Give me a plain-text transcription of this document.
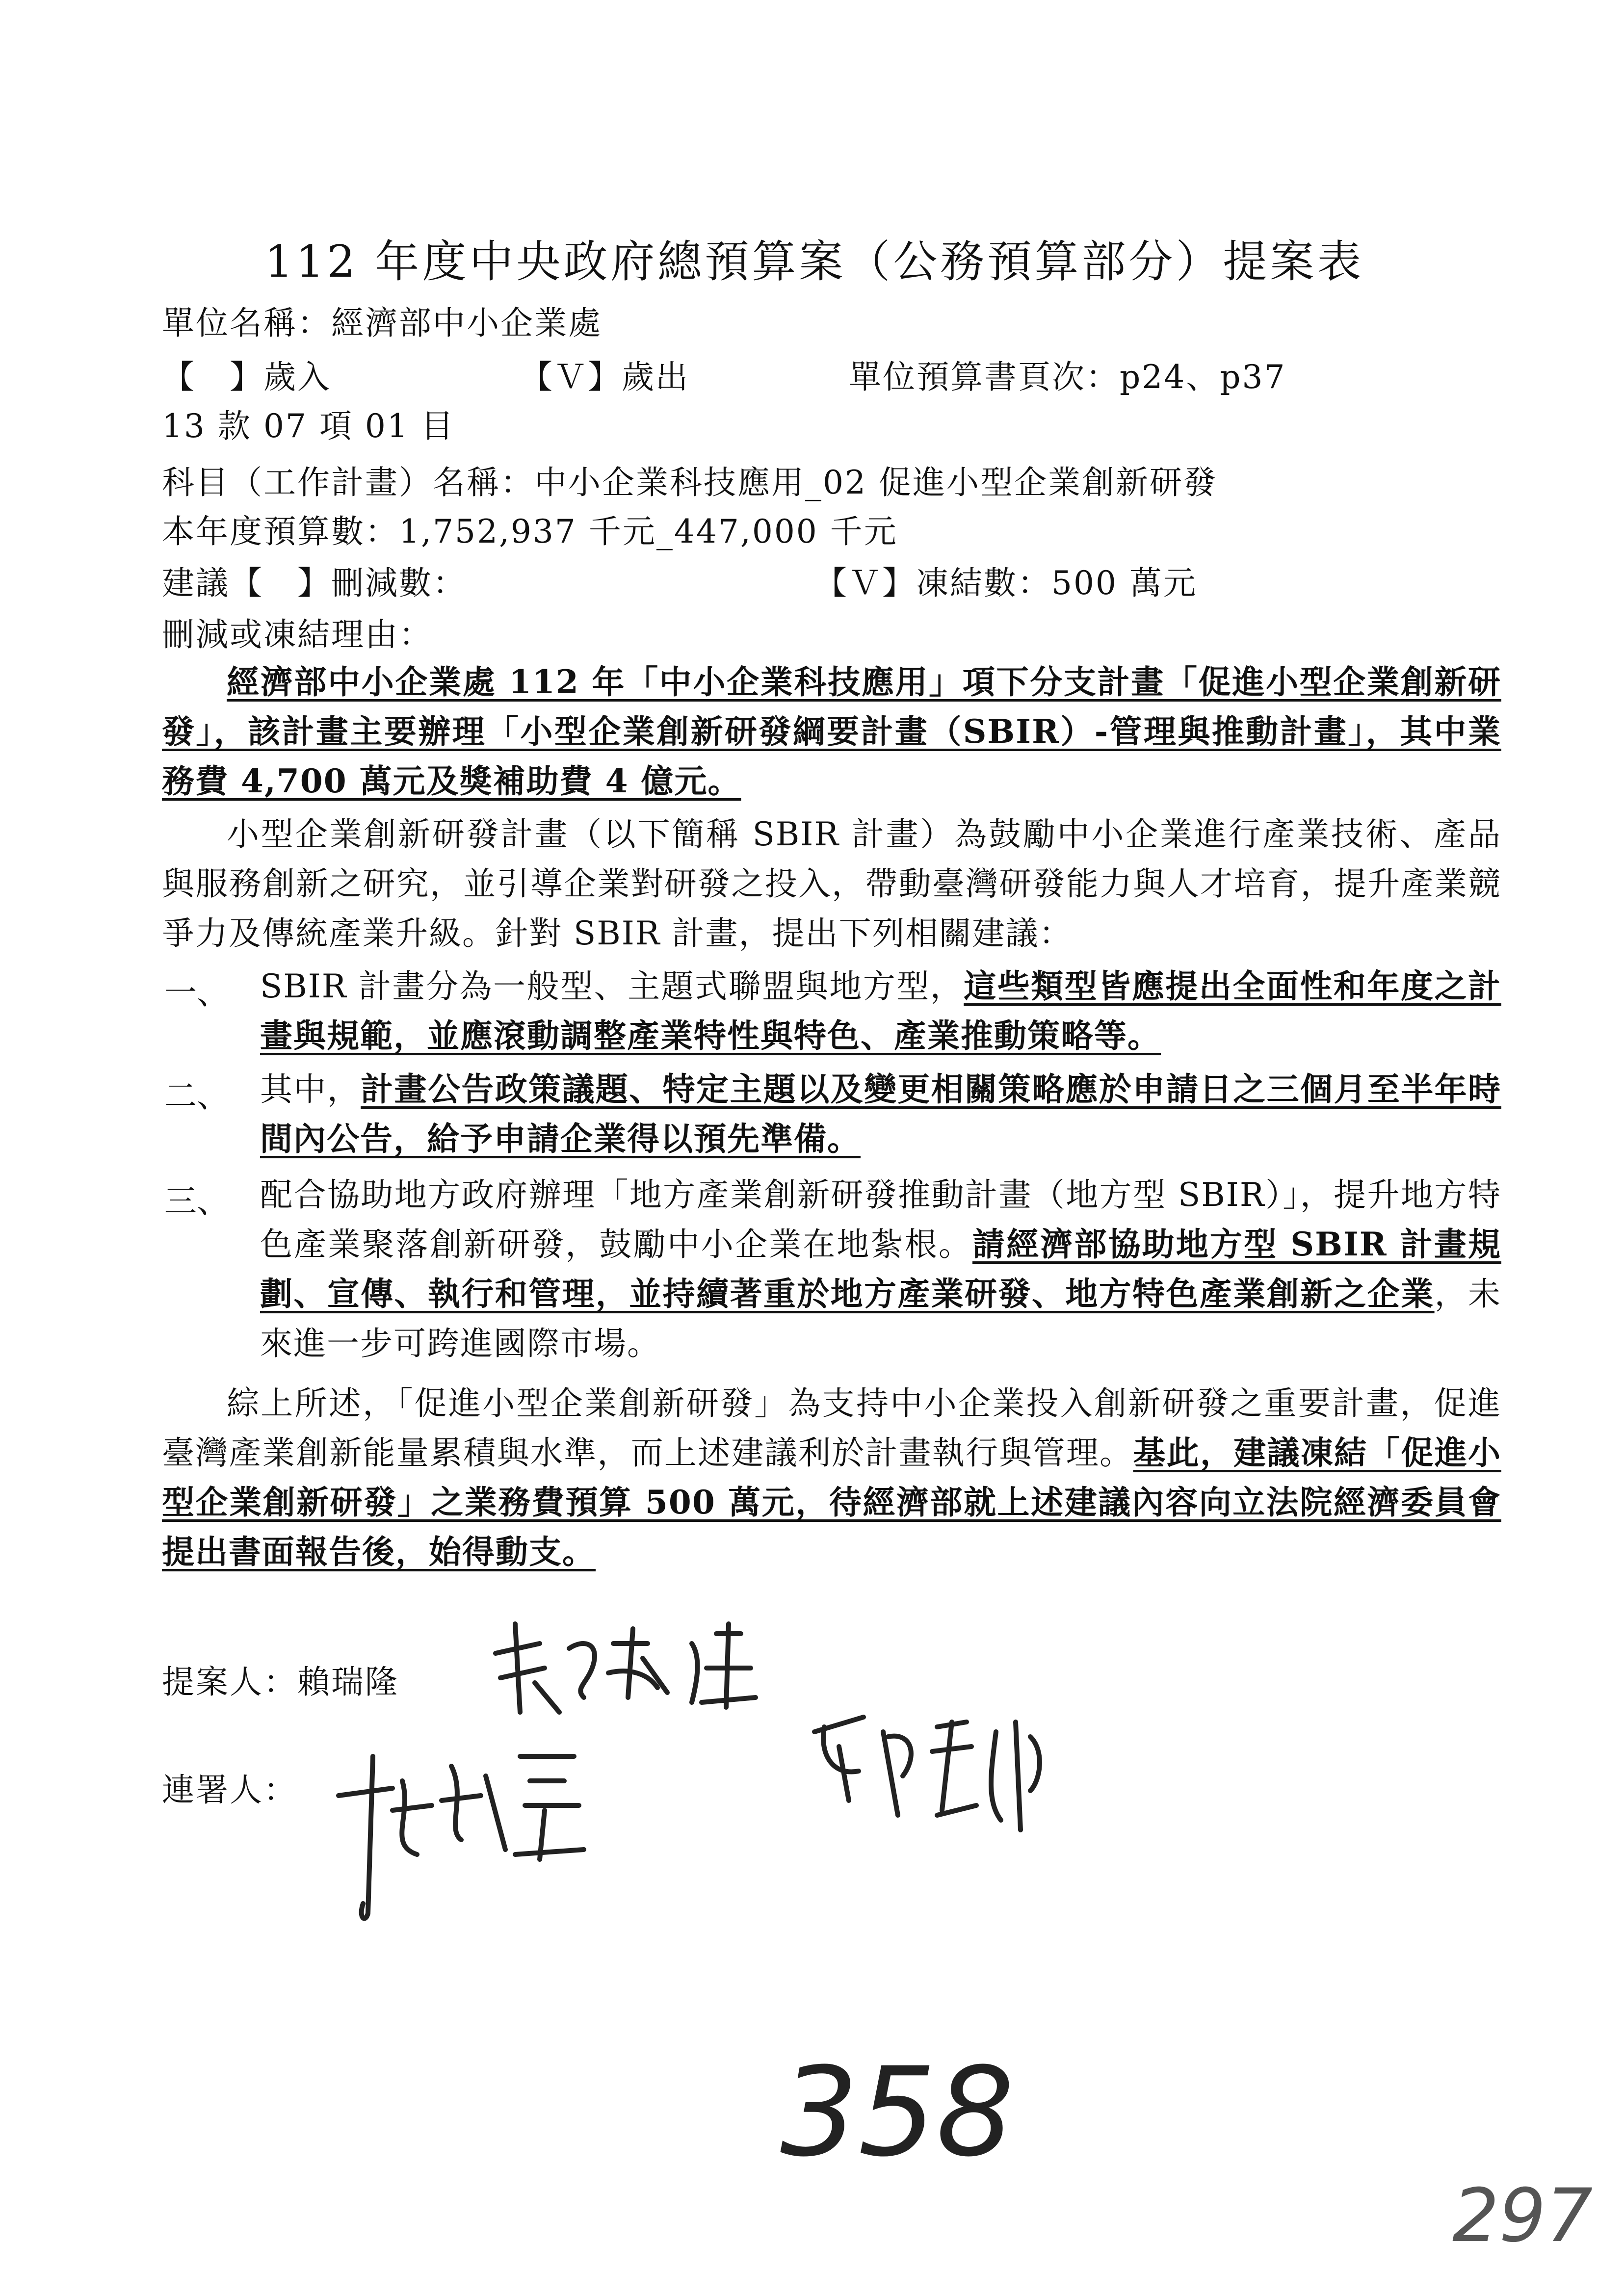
112 年度中央政府總預算案（公務預算部分）提案表
單位名稱：經濟部中小企業處
【　】歲入	【Ｖ】歲出	單位預算書頁次：p24、p37
13 款 07 項 01 目
科目（工作計畫）名稱：中小企業科技應用_02 促進小型企業創新研發
本年度預算數：1,752,937 千元_447,000 千元
建議【　】刪減數：	【Ｖ】凍結數：500 萬元
刪減或凍結理由：
經濟部中小企業處 112 年「中小企業科技應用」項下分支計畫「促進小型企業創新研發」，該計畫主要辦理「小型企業創新研發綱要計畫（SBIR）-管理與推動計畫」，其中業務費 4,700 萬元及獎補助費 4 億元。
小型企業創新研發計畫（以下簡稱 SBIR 計畫）為鼓勵中小企業進行產業技術、產品與服務創新之研究，並引導企業對研發之投入，帶動臺灣研發能力與人才培育，提升產業競爭力及傳統產業升級。針對 SBIR 計畫，提出下列相關建議：
一、 SBIR 計畫分為一般型、主題式聯盟與地方型，這些類型皆應提出全面性和年度之計畫與規範，並應滾動調整產業特性與特色、產業推動策略等。
二、 其中，計畫公告政策議題、特定主題以及變更相關策略應於申請日之三個月至半年時間內公告，給予申請企業得以預先準備。
三、 配合協助地方政府辦理「地方產業創新研發推動計畫（地方型 SBIR）」，提升地方特色產業聚落創新研發，鼓勵中小企業在地紮根。請經濟部協助地方型 SBIR 計畫規劃、宣傳、執行和管理，並持續著重於地方產業研發、地方特色產業創新之企業，未來進一步可跨進國際市場。
綜上所述，「促進小型企業創新研發」為支持中小企業投入創新研發之重要計畫，促進臺灣產業創新能量累積與水準，而上述建議利於計畫執行與管理。基此，建議凍結「促進小型企業創新研發」之業務費預算 500 萬元，待經濟部就上述建議內容向立法院經濟委員會提出書面報告後，始得動支。
提案人：賴瑞隆
連署人：
358
297
